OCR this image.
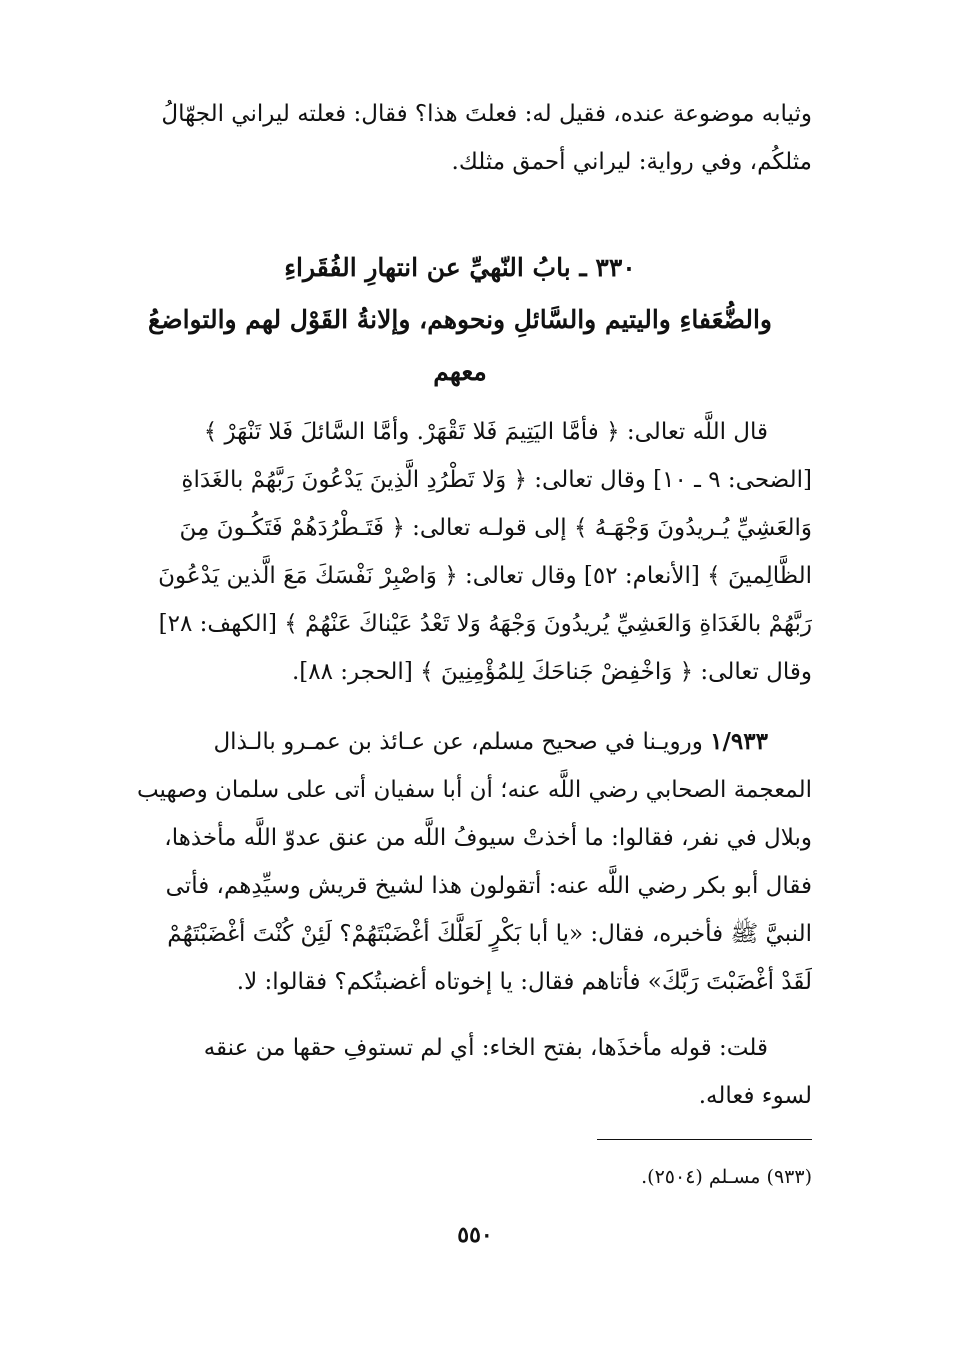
وثيابه موضوعة عنده، فقيل له: فعلتَ هذا؟ فقال: فعلته ليراني الجهّالُ
مثلكُم، وفي رواية: ليراني أحمق مثلك.
٣٣٠ ـ بابُ النّهيِّ عن انتهارِ الفُقَراءِ
والضُّعَفاءِ واليتيم والسَّائلِ ونحوهم، وإلانةُ القَوْل لهم والتواضعُ
معهم
قال اللَّه تعالى: ﴿ فأمَّا اليَتِيمَ فَلا تَقْهَرْ. وأمَّا السَّائلَ فَلا تَنْهَرْ ﴾
[الضحى: ٩ ـ ١٠] وقال تعالى: ﴿ وَلا تَطْرُدِ الَّذِينَ يَدْعُونَ رَبَّهُمْ بالغَدَاةِ
وَالعَشِيِّ يُـريدُونَ وَجْهَـهُ ﴾ إلى قولـه تعالى: ﴿ فَتَـطْرُدَهُمْ فَتَكُـونَ مِنَ
الظَّالِمينَ ﴾ [الأنعام: ٥٢] وقال تعالى: ﴿ وَاصْبِرْ نَفْسَكَ مَعَ الَّذين يَدْعُونَ
رَبَّهُمْ بالغَدَاةِ وَالعَشِيِّ يُريدُونَ وَجْهَهُ وَلا تَعْدُ عَيْناكَ عَنْهُمْ ﴾ [الكهف: ٢٨]
وقال تعالى: ﴿ وَاخْفِضْ جَناحَكَ لِلمُؤْمِنِينَ ﴾ [الحجر: ٨٨].
١/٩٣٣ ورويـنا في صحيح مسلم، عن عـائذ بن عمـرو بالـذال
المعجمة الصحابي رضي اللَّه عنه؛ أن أبا سفيان أتى على سلمان وصهيب
وبلال في نفر، فقالوا: ما أخذتْ سيوفُ اللَّه من عنق عدوّ اللَّه مأخذها،
فقال أبو بكر رضي اللَّه عنه: أتقولون هذا لشيخ قريش وسيِّدِهم، فأتى
النبيَّ ﷺ فأخبره، فقال: «يا أبا بَكْرٍ لَعَلَّكَ أغْضَبْتَهُمْ؟ لَئِنْ كُنْتَ أغْضَبْتَهُمْ
لَقَدْ أغْضَبْتَ رَبَّكَ» فأتاهم فقال: يا إخوتاه أغضبتُكم؟ فقالوا: لا.
قلت: قوله مأخذَها، بفتح الخاء: أي لم تستوفِ حقها من عنقه
لسوء فعاله.
(٩٣٣) مسـلم (٢٥٠٤).
٥٥٠
